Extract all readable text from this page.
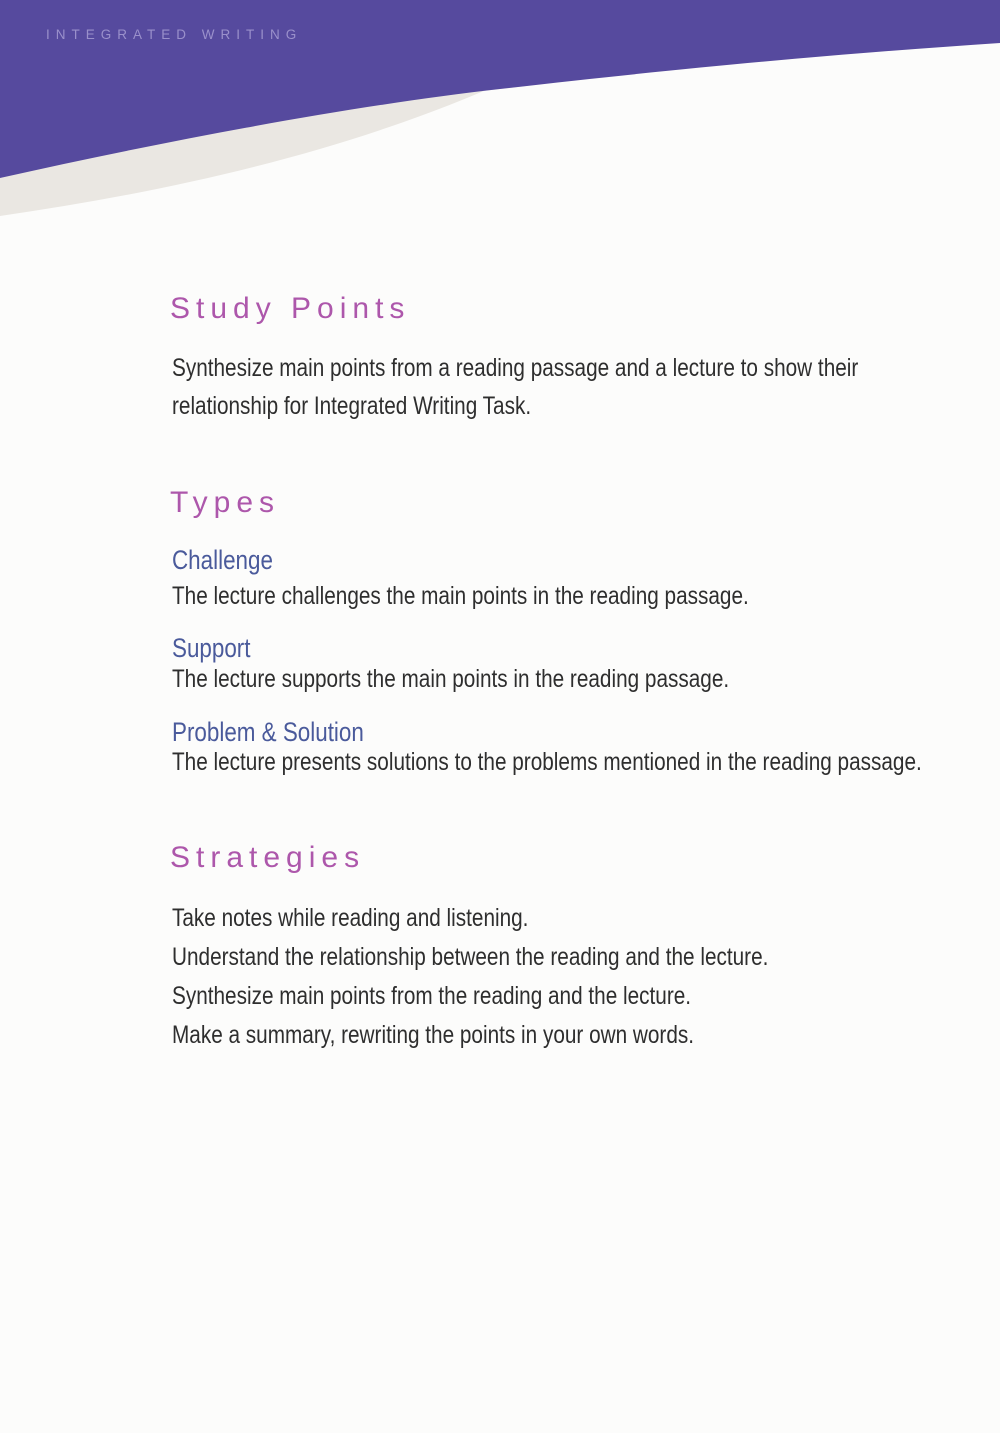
INTEGRATED WRITING
Study Points
Synthesize main points from a reading passage and a lecture to show their
relationship for Integrated Writing Task.
Types
Challenge
The lecture challenges the main points in the reading passage.
Support
The lecture supports the main points in the reading passage.
Problem & Solution
The lecture presents solutions to the problems mentioned in the reading passage.
Strategies
Take notes while reading and listening.
Understand the relationship between the reading and the lecture.
Synthesize main points from the reading and the lecture.
Make a summary, rewriting the points in your own words.
